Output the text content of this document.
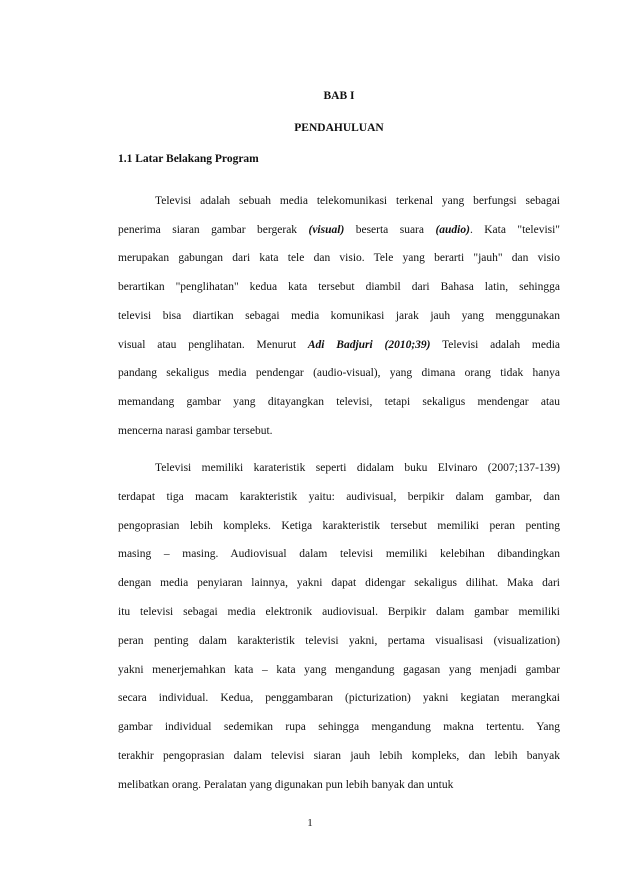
BAB I
PENDAHULUAN
1.1 Latar Belakang Program
Televisi adalah sebuah media telekomunikasi terkenal yang berfungsi sebagai
penerima siaran gambar bergerak (visual) beserta suara (audio). Kata "televisi"
merupakan gabungan dari kata tele dan visio. Tele yang berarti "jauh" dan visio
berartikan "penglihatan" kedua kata tersebut diambil dari Bahasa latin, sehingga
televisi bisa diartikan sebagai media komunikasi jarak jauh yang menggunakan
visual atau penglihatan. Menurut Adi Badjuri (2010;39) Televisi adalah media
pandang sekaligus media pendengar (audio-visual), yang dimana orang tidak hanya
memandang gambar yang ditayangkan televisi, tetapi sekaligus mendengar atau
mencerna narasi gambar tersebut.
Televisi memiliki karateristik seperti didalam buku Elvinaro (2007;137-139)
terdapat tiga macam karakteristik yaitu: audivisual, berpikir dalam gambar, dan
pengoprasian lebih kompleks. Ketiga karakteristik tersebut memiliki peran penting
masing – masing. Audiovisual dalam televisi memiliki kelebihan dibandingkan
dengan media penyiaran lainnya, yakni dapat didengar sekaligus dilihat. Maka dari
itu televisi sebagai media elektronik audiovisual. Berpikir dalam gambar memiliki
peran penting dalam karakteristik televisi yakni, pertama visualisasi (visualization)
yakni menerjemahkan kata – kata yang mengandung gagasan yang menjadi gambar
secara individual. Kedua, penggambaran (picturization) yakni kegiatan merangkai
gambar individual sedemikan rupa sehingga mengandung makna tertentu. Yang
terakhir pengoprasian dalam televisi siaran jauh lebih kompleks, dan lebih banyak
melibatkan orang. Peralatan yang digunakan pun lebih banyak dan untuk
1
